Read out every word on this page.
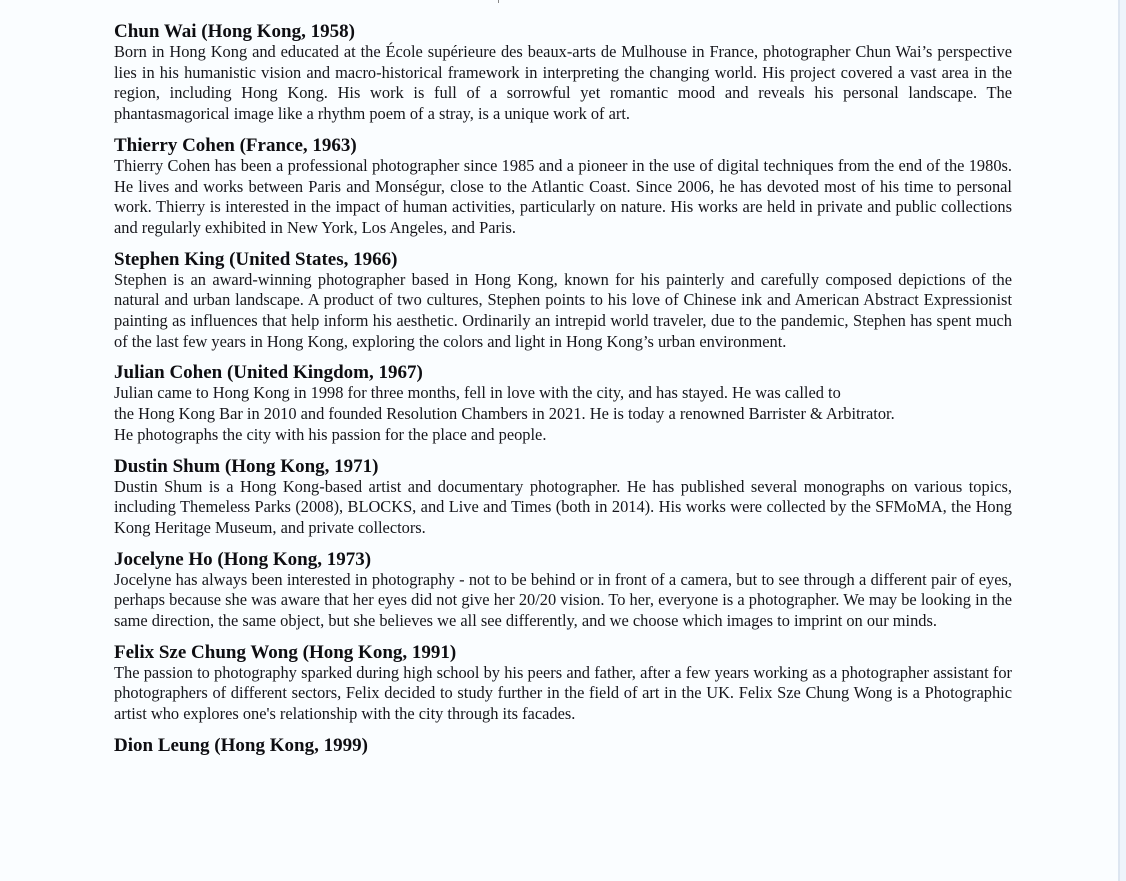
Chun Wai (Hong Kong, 1958)

Born in Hong Kong and educated at the École supérieure des beaux-arts de Mulhouse in France, photographer Chun Wai’s perspective lies in his humanistic vision and macro-historical framework in interpreting the changing world. His project covered a vast area in the region, including Hong Kong. His work is full of a sorrowful yet romantic mood and reveals his personal landscape. The phantasmagorical image like a rhythm poem of a stray, is a unique work of art.

Thierry Cohen (France, 1963)

Thierry Cohen has been a professional photographer since 1985 and a pioneer in the use of digital techniques from the end of the 1980s. He lives and works between Paris and Monségur, close to the Atlantic Coast. Since 2006, he has devoted most of his time to personal work. Thierry is interested in the impact of human activities, particularly on nature. His works are held in private and public collections and regularly exhibited in New York, Los Angeles, and Paris.

Stephen King (United States, 1966)

Stephen is an award-winning photographer based in Hong Kong, known for his painterly and carefully composed depictions of the natural and urban landscape. A product of two cultures, Stephen points to his love of Chinese ink and American Abstract Expressionist painting as influences that help inform his aesthetic. Ordinarily an intrepid world traveler, due to the pandemic, Stephen has spent much of the last few years in Hong Kong, exploring the colors and light in Hong Kong’s urban environment.

Julian Cohen (United Kingdom, 1967)

Julian came to Hong Kong in 1998 for three months, fell in love with the city, and has stayed. He was called to
the Hong Kong Bar in 2010 and founded Resolution Chambers in 2021. He is today a renowned Barrister & Arbitrator.
He photographs the city with his passion for the place and people.

Dustin Shum (Hong Kong, 1971)

Dustin Shum is a Hong Kong-based artist and documentary photographer. He has published several monographs on various topics, including Themeless Parks (2008), BLOCKS, and Live and Times (both in 2014). His works were collected by the SFMoMA, the Hong Kong Heritage Museum, and private collectors.

Jocelyne Ho (Hong Kong, 1973)

Jocelyne has always been interested in photography - not to be behind or in front of a camera, but to see through a different pair of eyes, perhaps because she was aware that her eyes did not give her 20/20 vision. To her, everyone is a photographer. We may be looking in the same direction, the same object, but she believes we all see differently, and we choose which images to imprint on our minds.

Felix Sze Chung Wong (Hong Kong, 1991)

The passion to photography sparked during high school by his peers and father, after a few years working as a photographer assistant for photographers of different sectors, Felix decided to study further in the field of art in the UK. Felix Sze Chung Wong is a Photographic artist who explores one's relationship with the city through its facades.

Dion Leung (Hong Kong, 1999)
